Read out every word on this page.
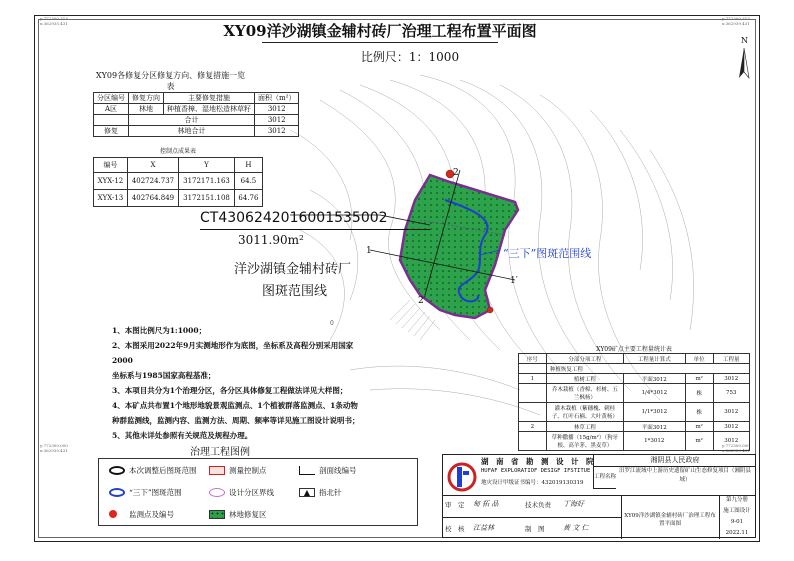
y:772300.313
x:362935.431
y:772300.313
x:362939.431
y:772300.000
x:362935.431
y:772300.000
x:362939.431
XY09洋沙湖镇金辅村砖厂治理工程布置平面图
比例尺：1：1000
N
2
2′
1
1′
0
“三下”图斑范围线
CT430624201600153500​2
3011.90m²
洋沙湖镇金辅村砖厂
图斑范围线
XY09各修复分区修复方向、修复措施一览表
分区编号	修复方向	主要修复措施	面积（m²）
A区	林地	种植香樟、湿地松造林草籽	3012
	合计		3012
修复	林地合计		3012
控制点成果表
编号	X	Y	H
XYX-12	402724.737	3172171.163	64.5
XYX-13	402764.849	3172151.108	64.76
1、本图比例尺为1:1000；
2、本图采用2022年9月实测地形作为底图，坐标系及高程分别采用国家2000
坐标系与1985国家高程基准；
3、本项目共分为1个治理分区，各分区具体修复工程做法详见大样图；
4、本矿点共布置1个地形地貌景观监测点、1个植被群落监测点、1条动物
种群监测线，监测内容、监测方法、周期、频率等详见施工图设计说明书；
5、其他未详处参照有关规范及规程办理。
XY09矿点主要工程量统计表
序号	分部分项工程	工程量计算式	单位	工程量
	种植恢复工程			
1	植树工程	平面3012	m²	3012
	乔木栽植（香樟、杉树、五兰枫杨）	1/4*3012	株	753
	灌木栽植（紫穗槐、刺桂子、红叶石楠、大叶黄杨）	1/1*3012	株	3012
2	林草工程	平面3012	m²	3012
	草种撒播（15g/m²）（狗牙根、高羊茅、黑麦草）	1*3012	m²	3012
治理工程图例
本次调整后图斑范围	测量控制点	剖面线编号
“三下”图斑范围	设计分区界线	▲	指北针
监测点及编号	林地修复区
湖　南　省　勘　测　设　计　院
HUFAF EXPLORATIOF DESIGF IFSTITUE
地灾设计甲级证书编号：432019130319
湘阴县人民政府
工程名称
汨罗江流域中上游历史遗留矿山生态修复项目（湘阴县域）
审　定 甸 拓 品	技术负责 丁海好
校　核 江益林	制　图	黄 文 仁
XY09洋沙湖镇金辅村砖厂治理工程布置平面图
第九分册
施工图设计
9-01
2022.11
